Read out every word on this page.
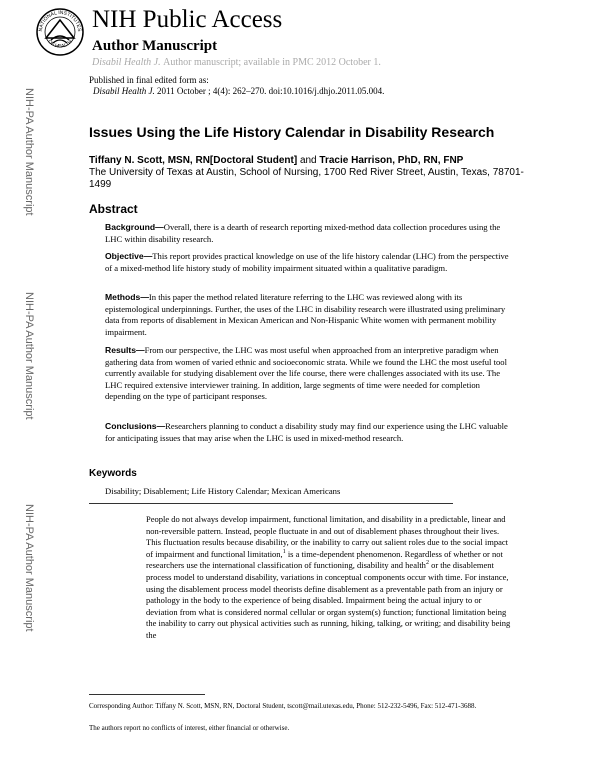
NATIONAL INSTITUTES
OF HEALTH
NIH Public Access
Author Manuscript
Disabil Health J. Author manuscript; available in PMC 2012 October 1.
NIH-PA Author Manuscript
NIH-PA Author Manuscript
NIH-PA Author Manuscript
Published in final edited form as:
Disabil Health J. 2011 October ; 4(4): 262–270. doi:10.1016/j.dhjo.2011.05.004.
Issues Using the Life History Calendar in Disability Research
Tiffany N. Scott, MSN, RN[Doctoral Student] and Tracie Harrison, PhD, RN, FNP
The University of Texas at Austin, School of Nursing, 1700 Red River Street, Austin, Texas, 78701-1499
Abstract

Background—Overall, there is a dearth of research reporting mixed-method data collection procedures using the LHC within disability research.

Objective—This report provides practical knowledge on use of the life history calendar (LHC) from the perspective of a mixed-method life history study of mobility impairment situated within a qualitative paradigm.

Methods—In this paper the method related literature referring to the LHC was reviewed along with its epistemological underpinnings. Further, the uses of the LHC in disability research were illustrated using preliminary data from reports of disablement in Mexican American and Non-Hispanic White women with permanent mobility impairment.

Results—From our perspective, the LHC was most useful when approached from an interpretive paradigm when gathering data from women of varied ethnic and socioeconomic strata. While we found the LHC the most useful tool currently available for studying disablement over the life course, there were challenges associated with its use. The LHC required extensive interviewer training. In addition, large segments of time were needed for completion depending on the type of participant responses.

Conclusions—Researchers planning to conduct a disability study may find our experience using the LHC valuable for anticipating issues that may arise when the LHC is used in mixed-method research.

Keywords
Disability; Disablement; Life History Calendar; Mexican Americans

People do not always develop impairment, functional limitation, and disability in a predictable, linear and non-reversible pattern. Instead, people fluctuate in and out of disablement phases throughout their lives. This fluctuation results because disability, or the inability to carry out salient roles due to the social impact of impairment and functional limitation,$^1$ is a time-dependent phenomenon. Regardless of whether or not researchers use the international classification of functioning, disability and health$^2$ or the disablement process model to understand disability, variations in conceptual components occur with time. For instance, using the disablement process model theorists define disablement as a preventable path from an injury or pathology in the body to the experience of being disabled. Impairment being the actual injury to or deviation from what is considered normal cellular or organ system(s) function; functional limitation being the inability to carry out physical activities such as running, hiking, talking, or writing; and disability being the

Corresponding Author: Tiffany N. Scott, MSN, RN, Doctoral Student, tscott@mail.utexas.edu, Phone: 512-232-5496, Fax: 512-471-3688.

The authors report no conflicts of interest, either financial or otherwise.
